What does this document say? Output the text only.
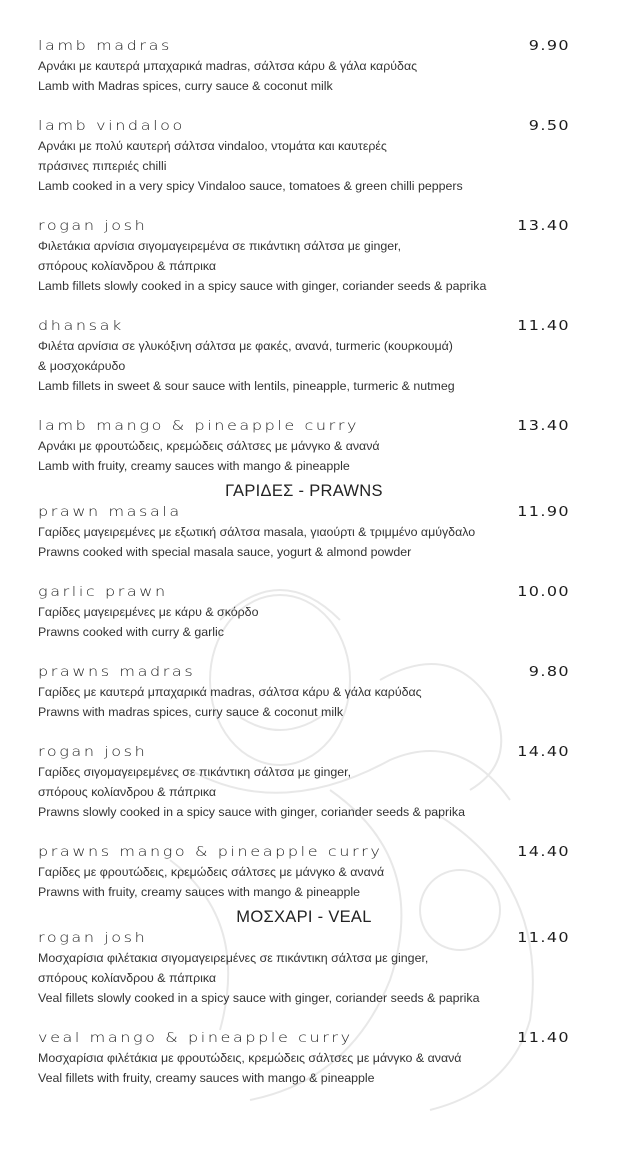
lamb madras	9.90
Αρνάκι με καυτερά μπαχαρικά madras, σάλτσα κάρυ & γάλα καρύδας
Lamb with Madras spices, curry sauce & coconut milk
lamb vindaloo	9.50
Αρνάκι με πολύ καυτερή σάλτσα vindaloo, ντομάτα και καυτερές
πράσινες πιπεριές chilli
Lamb cooked in a very spicy Vindaloo sauce, tomatoes & green chilli peppers
rogan josh	13.40
Φιλετάκια αρνίσια σιγομαγειρεμένα σε πικάντικη σάλτσα με ginger,
σπόρους κολίανδρου & πάπρικα
Lamb fillets slowly cooked in a spicy sauce with ginger, coriander seeds & paprika
dhansak	11.40
Φιλέτα αρνίσια σε γλυκόξινη σάλτσα με φακές, ανανά, turmeric (κουρκουμά)
& μοσχοκάρυδο
Lamb fillets in sweet & sour sauce with lentils, pineapple, turmeric & nutmeg
lamb mango & pineapple curry	13.40
Αρνάκι με φρουτώδεις, κρεμώδεις σάλτσες με μάνγκο & ανανά
Lamb with fruity, creamy sauces with mango & pineapple
ΓΑΡΙΔΕΣ - PRAWNS
prawn masala	11.90
Γαρίδες μαγειρεμένες με εξωτική σάλτσα masala, γιαούρτι & τριμμένο αμύγδαλο
Prawns cooked with special masala sauce, yogurt & almond powder
garlic prawn	10.00
Γαρίδες μαγειρεμένες με κάρυ & σκόρδο
Prawns cooked with curry & garlic
prawns madras	9.80
Γαρίδες με καυτερά μπαχαρικά madras, σάλτσα κάρυ & γάλα καρύδας
Prawns with madras spices, curry sauce & coconut milk
rogan josh	14.40
Γαρίδες σιγομαγειρεμένες σε πικάντικη σάλτσα με ginger,
σπόρους κολίανδρου & πάπρικα
Prawns slowly cooked in a spicy sauce with ginger, coriander seeds & paprika
prawns mango & pineapple curry	14.40
Γαρίδες με φρουτώδεις, κρεμώδεις σάλτσες με μάνγκο & ανανά
Prawns with fruity, creamy sauces with mango & pineapple
ΜΟΣΧΑΡΙ - VEAL
rogan josh	11.40
Μοσχαρίσια φιλέτακια σιγομαγειρεμένες σε πικάντικη σάλτσα με ginger,
σπόρους κολίανδρου & πάπρικα
Veal fillets slowly cooked in a spicy sauce with ginger, coriander seeds & paprika
veal mango & pineapple curry	11.40
Μοσχαρίσια φιλέτάκια με φρουτώδεις, κρεμώδεις σάλτσες με μάνγκο & ανανά
Veal fillets with fruity, creamy sauces with mango & pineapple
